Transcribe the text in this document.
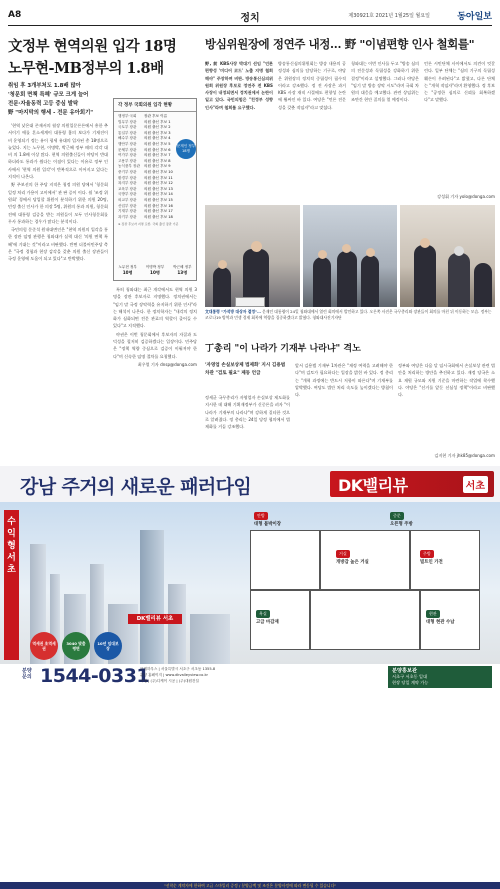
A8	정치	제30921호 2021년 1월25일 월요일	동아일보
文정부 현역의원 입각 18명
노무현-MB정부의 1.8배
취임 후 3개부처도 1.8배 많아
'청문회 면책 특혜' 규모 크게 늘어
전문·자율동력 고등 중심 발탁
野 "마지막의 행세 - 전문 유아회기"

'현역 낮은대 존재서의 월장 의원입문론론에서 흥한 추서이기 애를 흔소세계이 대통령 홈의 보다가 기재진이 비 운영되기 정는 유이 평세 유대의 입자된 총 18명으로 늘었다. 지는 노무현, 이명박, 박근혜 정부 때의 각각 대비 의 1.8배 이상 많다. 현역 의원출신들이 야당이 반대하더라도 통과가 쉽다는 이점이 있다는 이유로 정부 인사에서 '현역 의원 입각'이 반복적으로 이어지고 있다는 지적이 나온다.

野 주보선의 한 주당 지적은 청정 의원 당에서 '청문회 일정 처리 가용이 고이에서' 관 판 증이 이다. 월 '조정 위원회' 경에서 당입할 위원이 분석하기 위한 의원 20명, 민정 출신 인사가 한 의장 5명, 위원의 통과 의원, 청문회 전에 대통령 검증을 받는 의원들이 모두 인사청문회를 무사 통과하는 경우가 많다는 분석이다.

국민의힘 문준석 원내대변인은 "현역 의원의 입각을 통한 장관 임명 관행은 청와대가 실력 대신 '의원 면책 특혜'에 기대는 것"이라고 비판했다. 반면 더불어민주당 측은 "국정 경험과 현장 감각을 갖춘 의원 출신 장관들이 국정 운영에 도움이 되고 있다"고 반박했다.

각 정부 국회의원 입각 현황
행정부·국회	장관 후보 이름
법무부 장관	의원 출신 후보 1
국토부 장관	의원 출신 후보 2
통일부 장관	의원 출신 후보 3
해수부 장관	의원 출신 후보 4
행안부 장관	의원 출신 후보 5
문체부 장관	의원 출신 후보 6
여가부 장관	의원 출신 후보 7
고용부 장관	의원 출신 후보 8
농식품부 장관	의원 출신 후보 9
중기부 장관	의원 출신 후보 10
환경부 장관	의원 출신 후보 11
복지부 장관	의원 출신 후보 12
교육부 장관	의원 출신 후보 13
국방부 장관	의원 출신 후보 14
외교부 장관	의원 출신 후보 15
산업부 장관	의원 출신 후보 16
기재부 장관	의원 출신 후보 17
과기부 장관	의원 출신 후보 18
문재인 정부
18명
※ 장관 후보자 지명 포함, 국회 출신 장관 기준
노무현 정부
10명
이명박 정부
10명
박근혜 정부
13명

특히 청와대는 최근 개각에서도 현역 의원 3명을 장관 후보자로 지명했다. 정치권에서는 "임기 말 국정 장악력을 유지하기 위한 인사"라는 해석이 나온다. 한 정치학자는 "내각의 정치화가 심화되면 전문 관료의 역할이 줄어들 수 있다"고 지적했다.

야권은 이번 청문회에서 후보자의 자질과 도덕성을 철저히 검증하겠다는 입장이다. 민주당은 "정책 역량 중심으로 검증이 이뤄져야 한다"며 신속한 임명 절차를 요청했다.

최우열 기자 dnsp@donga.com

방심위원장에 정연주 내정… 野 "이념편향 인사 철회를"
野, 前 KBS사장 박대기 선임 "언론 편향성 '미디어 코드' 노출 지명 철회해야" 주장하며 비판. 방송통신심의위원회 위원장 후보로 정연주 전 KBS 사장이 내정되면서 정치권에서 논란이 일고 있다. 국민의힘은 "친정부 성향 인사"라며 철회를 요구했다.
방송통신심의위원회는 방송 내용의 공정성과 심의를 담당하는 기구로, 야당은 위원장의 정치적 중립성이 필수적이라고 강조했다. 정 전 사장은 과거 KBS 사장 재직 시절에도 편향성 논란에 휩싸인 바 있다. 여당은 "언론 전문성을 갖춘 적임자"라고 맞섰다.
청와대는 이번 인사를 두고 "방송 심의의 전문성과 독립성을 강화하기 위한 결정"이라고 설명했다. 그러나 야당은 "임기 말 방송 장악 시도"라며 국회 차원의 대응을 예고했다. 관련 상임위는 조만간 현안 질의를 열 예정이다.
언론 시민단체 사이에서도 의견이 엇갈린다. 일부 단체는 "심의 기구의 독립성 훼손이 우려된다"고 밝혔고, 다른 단체는 "개혁 적임자"라며 환영했다. 정 후보는 "공정한 심의로 신뢰를 회복하겠다"고 말했다.
강성휘 기자 yolo@donga.com
文대통령 "가석방 대상자 결정"… 문재인 대통령이 24일 청와대에서 열린 회의에서 발언하고 있다. 오른쪽 사진은 국무총리와 장관들이 회의를 마친 뒤 이동하는 모습. 정부는 코로나19 방역과 민생 경제 회복에 역량을 집중하겠다고 밝혔다. 청와대사진기자단
丁총리 "이 나라가 기재부 나라냐" 격노
'자영업 손실보상제 법제화' 지시 김용범 차관 "검토 필요" 제동 언급
정세균 국무총리가 자영업자 손실보상 제도화를 지시한 데 대해 기획재정부가 신중론을 펴자 "이 나라가 기재부의 나라냐"며 강하게 질타한 것으로 알려졌다. 정 총리는 24일 당정 협의에서 법제화를 거듭 강조했다.
앞서 김용범 기재부 1차관은 "재정 여력을 고려해야 한다"며 검토가 필요하다는 입장을 밝힌 바 있다. 정 총리는 "개혁 과정에는 반드시 저항이 따른다"며 기재부를 압박했다. 여당도 법안 처리 속도를 높이겠다는 방침이다.
정부와 여당은 다음 달 임시국회에서 손실보상 관련 법안을 처리하는 방안을 추진하고 있다. 재정 당국은 소요 재원 규모와 지원 기준을 마련하는 작업에 착수했다. 야당은 "선거를 앞둔 선심성 정책"이라고 비판했다.
김지현 기자 jhk85@donga.com
강남 주거의 새로운 패러다임	DK밸리뷰	서초
안방
대형 붙박이장
중문
오픈형 주방
거실
개방감 높은 거실
현관
대형 현관 수납
욕실
고급 마감재
주방
빌트인 가전
DK밸리뷰 서초
역세권 초역세권
3040 맞춤 평면
10년 임대보장
수
익
형
서
초
분양
문의 1544-0331
모델하우스 | 서울특별시 서초구 서초동 1355-8
분양 홈페이지 | www.dkvalleyview.co.kr
시행 | (주)디케이 시공 | (주)대원건설
분양홍보관
서초구 서초동 일대
현장 당일 계약 가능
"선착순 계약자에 한하여 고급 스마일러 증정 / 분양금액 및 조건은 분양사정에 따라 변동될 수 있습니다"
